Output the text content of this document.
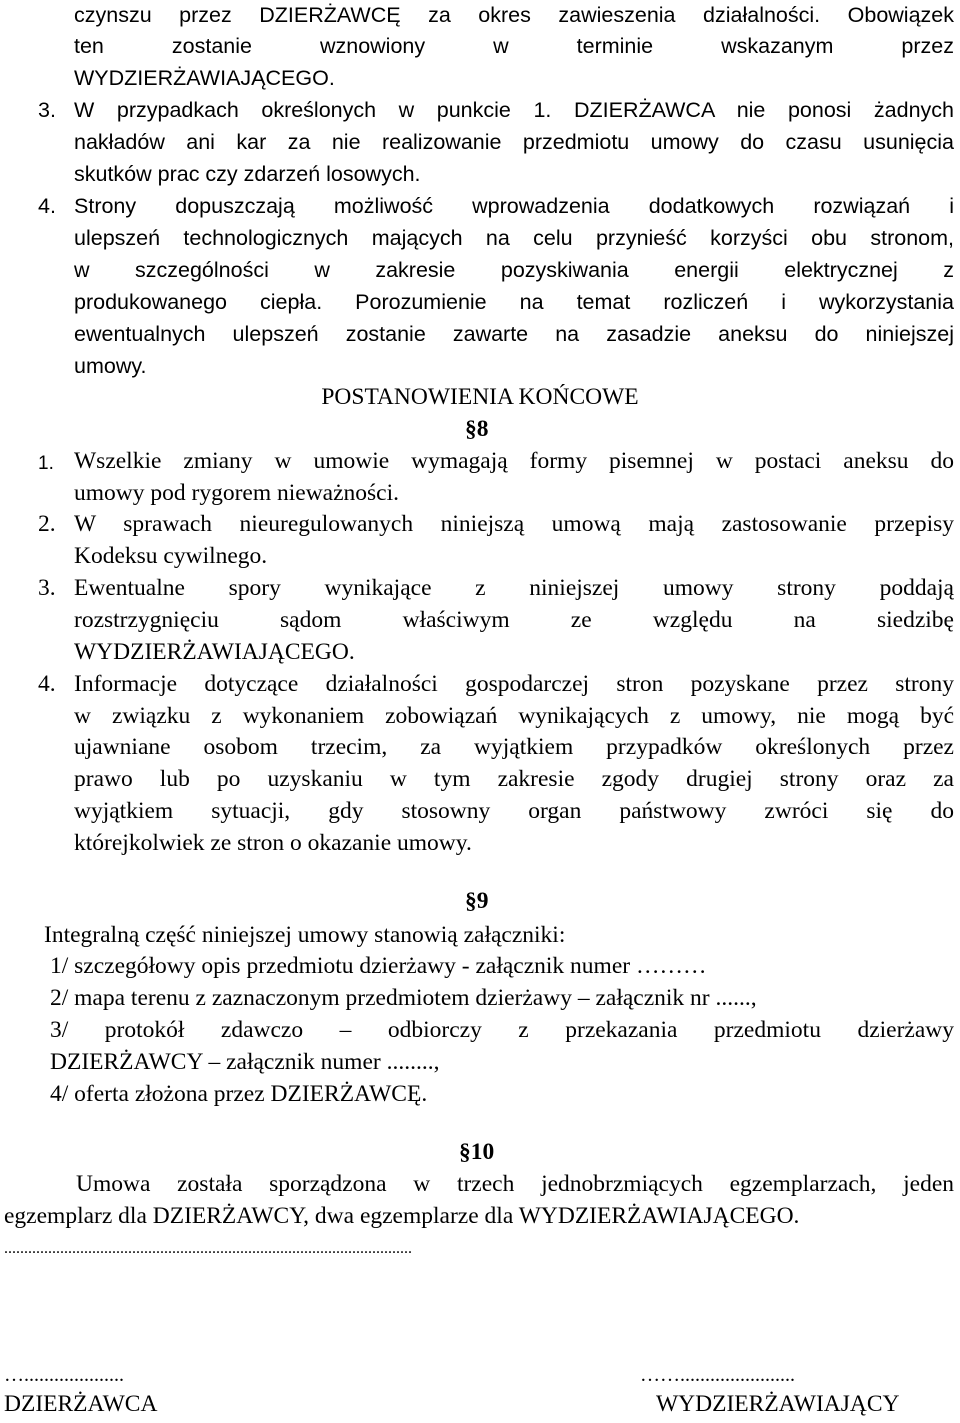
czynszu przez DZIERŻAWCĘ za okres zawieszenia działalności. Obowiązek
ten zostanie wznowiony w terminie wskazanym przez
WYDZIERŻAWIAJĄCEGO.
3. W przypadkach określonych w punkcie 1. DZIERŻAWCA nie ponosi żadnych
nakładów ani kar za nie realizowanie przedmiotu umowy do czasu usunięcia
skutków prac czy zdarzeń losowych.
4. Strony dopuszczają możliwość wprowadzenia dodatkowych rozwiązań i
ulepszeń technologicznych mających na celu przynieść korzyści obu stronom,
w szczególności w zakresie pozyskiwania energii elektrycznej z
produkowanego ciepła. Porozumienie na temat rozliczeń i wykorzystania
ewentualnych ulepszeń zostanie zawarte na zasadzie aneksu do niniejszej
umowy.
POSTANOWIENIA KOŃCOWE
§8
1. Wszelkie zmiany w umowie wymagają formy pisemnej w postaci aneksu do
umowy pod rygorem nieważności.
2. W sprawach nieuregulowanych niniejszą umową mają zastosowanie przepisy
Kodeksu cywilnego.
3. Ewentualne spory wynikające z niniejszej umowy strony poddają
rozstrzygnięciu sądom właściwym ze względu na siedzibę
WYDZIERŻAWIAJĄCEGO.
4. Informacje dotyczące działalności gospodarczej stron pozyskane przez strony
w związku z wykonaniem zobowiązań wynikających z umowy, nie mogą być
ujawniane osobom trzecim, za wyjątkiem przypadków określonych przez
prawo lub po uzyskaniu w tym zakresie zgody drugiej strony oraz za
wyjątkiem sytuacji, gdy stosowny organ państwowy zwróci się do
którejkolwiek ze stron o okazanie umowy.
§9
Integralną część niniejszej umowy stanowią załączniki:
1/ szczegółowy opis przedmiotu dzierżawy - załącznik numer ………
2/ mapa terenu z zaznaczonym przedmiotem dzierżawy – załącznik nr ......,
3/ protokół zdawczo – odbiorczy z przekazania przedmiotu dzierżawy
DZIERŻAWCY – załącznik numer ........,
4/ oferta złożona przez DZIERŻAWCĘ.
§10
Umowa została sporządzona w trzech jednobrzmiących egzemplarzach, jeden
egzemplarz dla DZIERŻAWCY, dwa egzemplarze dla WYDZIERŻAWIAJĄCEGO.
......................................................................................................
…....................
DZIERŻAWCA
…….......................
WYDZIERŻAWIAJĄCY
